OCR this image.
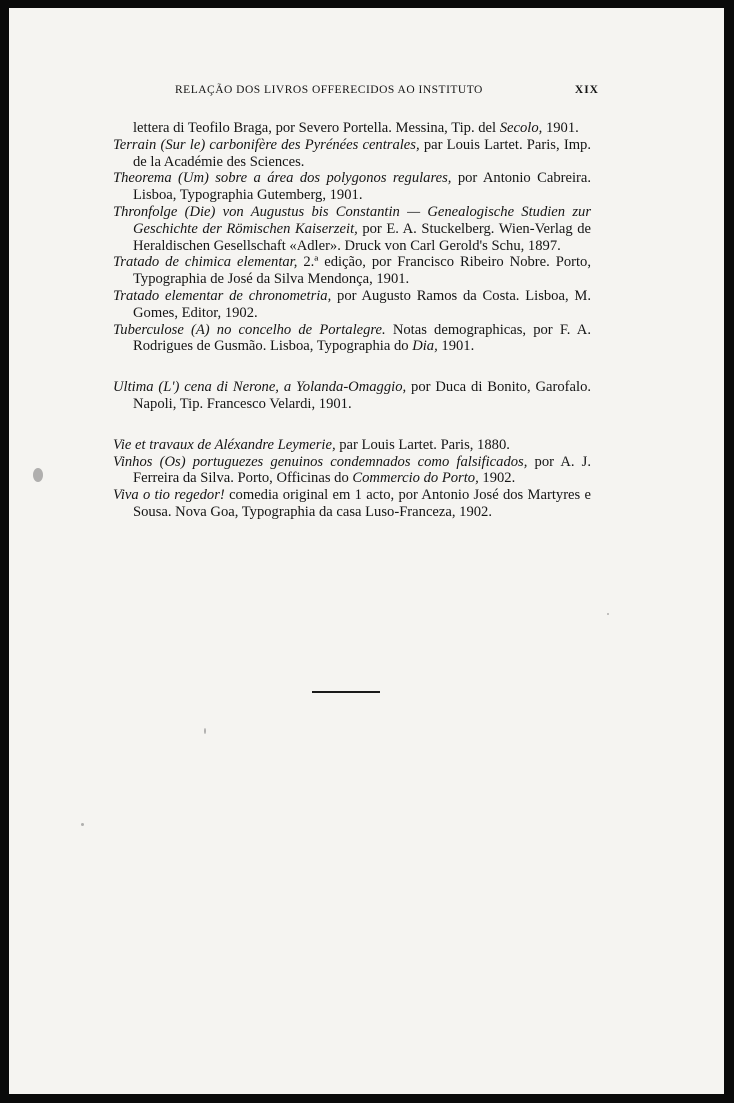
RELAÇÃO DOS LIVROS OFFERECIDOS AO INSTITUTO	XIX

lettera di Teofilo Braga, por Severo Portella. Messina, Tip. del Secolo, 1901.

Terrain (Sur le) carbonifère des Pyrénées centrales, par Louis Lartet. Paris, Imp. de la Académie des Sciences.

Theorema (Um) sobre a área dos polygonos regulares, por Antonio Cabreira. Lisboa, Typographia Gutemberg, 1901.

Thronfolge (Die) von Augustus bis Constantin — Genealogische Studien zur Geschichte der Römischen Kaiserzeit, por E. A. Stuckelberg. Wien-Verlag de Heraldischen Gesellschaft «Adler». Druck von Carl Gerold's Schu, 1897.

Tratado de chimica elementar, 2.ª edição, por Francisco Ribeiro Nobre. Porto, Typographia de José da Silva Mendonça, 1901.

Tratado elementar de chronometria, por Augusto Ramos da Costa. Lisboa, M. Gomes, Editor, 1902.

Tuberculose (A) no concelho de Portalegre. Notas demographicas, por F. A. Rodrigues de Gusmão. Lisboa, Typographia do Dia, 1901.

Ultima (L') cena di Nerone, a Yolanda-Omaggio, por Duca di Bonito, Garofalo. Napoli, Tip. Francesco Velardi, 1901.

Vie et travaux de Aléxandre Leymerie, par Louis Lartet. Paris, 1880.

Vinhos (Os) portuguezes genuinos condemnados como falsificados, por A. J. Ferreira da Silva. Porto, Officinas do Commercio do Porto, 1902.

Viva o tio regedor! comedia original em 1 acto, por Antonio José dos Martyres e Sousa. Nova Goa, Typographia da casa Luso-Franceza, 1902.
